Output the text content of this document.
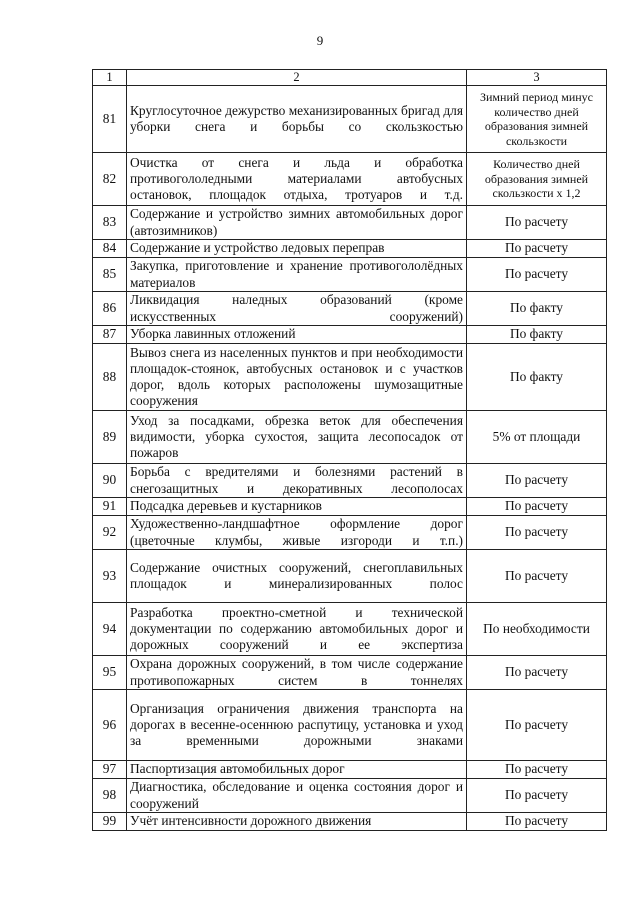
9
1	2	3
81	Круглосуточное дежурство механизированных бригад для уборки снега и борьбы со скользкостью	Зимний период минус количество дней образования зимней скользкости
82	Очистка от снега и льда и обработка противогололедными материалами автобусных остановок, площадок отдыха, тротуаров и т.д.	Количество дней образования зимней скользкости х 1,2
83	Содержание и устройство зимних автомобильных дорог (автозимников)	По расчету
84	Содержание и устройство ледовых переправ	По расчету
85	Закупка, приготовление и хранение противогололёдных материалов	По расчету
86	Ликвидация наледных образований (кроме искусственных сооружений)	По факту
87	Уборка лавинных отложений	По факту
88	Вывоз снега из населенных пунктов и при необходимости площадок-стоянок, автобусных остановок и с участков дорог, вдоль которых расположены шумозащитные сооружения	По факту
89	Уход за посадками, обрезка веток для обеспечения видимости, уборка сухостоя, защита лесопосадок от пожаров	5% от площади
90	Борьба с вредителями и болезнями растений в снегозащитных и декоративных лесополосах	По расчету
91	Подсадка деревьев и кустарников	По расчету
92	Художественно-ландшафтное оформление дорог (цветочные клумбы, живые изгороди и т.п.)	По расчету
93	Содержание очистных сооружений, снегоплавильных площадок и минерализированных полос	По расчету
94	Разработка проектно-сметной и технической документации по содержанию автомобильных дорог и дорожных сооружений и ее экспертиза	По необходимости
95	Охрана дорожных сооружений, в том числе содержание противопожарных систем в тоннелях	По расчету
96	Организация ограничения движения транспорта на дорогах в весенне-осеннюю распутицу, установка и уход за временными дорожными знаками	По расчету
97	Паспортизация автомобильных дорог	По расчету
98	Диагностика, обследование и оценка состояния дорог и сооружений	По расчету
99	Учёт интенсивности дорожного движения	По расчету
